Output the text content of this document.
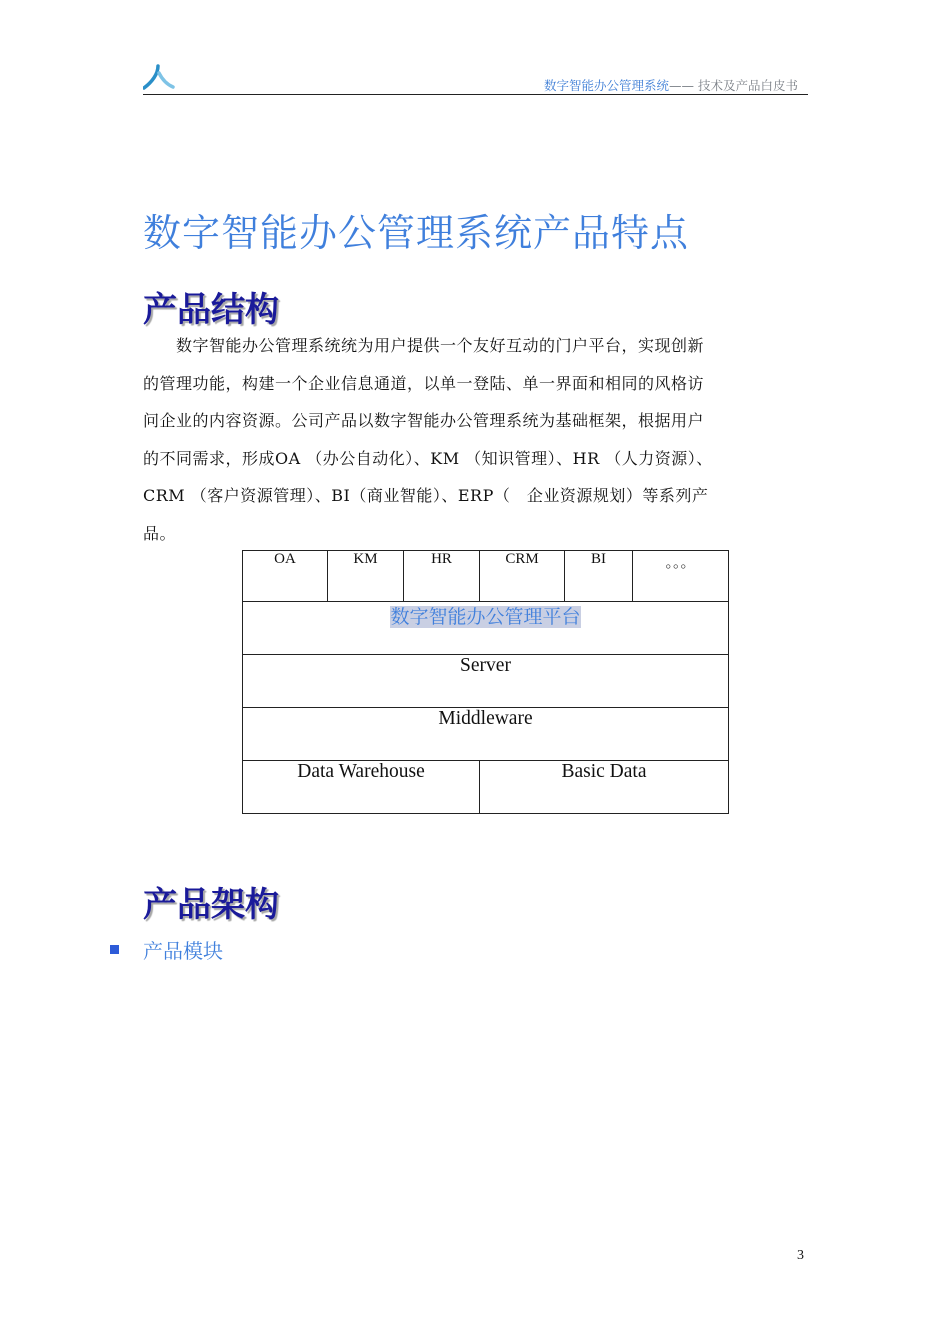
数字智能办公管理系统—— 技术及产品白皮书
数字智能办公管理系统产品特点
产品结构

　　数字智能办公管理系统统为用户提供一个友好互动的门户平台，实现创新

的管理功能，构建一个企业信息通道，以单一登陆、单一界面和相同的风格访

问企业的内容资源。公司产品以数字智能办公管理系统为基础框架，根据用户

的不同需求，形成OA （办公自动化）、KM （知识管理）、HR （人力资源）、

CRM （客户资源管理）、BI（商业智能）、ERP（　企业资源规划）等系列产

品。

OA	KM	HR	CRM	BI	。。。
数字智能办公管理平台					
Server					
Middleware					
Data Warehouse			Basic Data		
产品架构
产品模块
3
